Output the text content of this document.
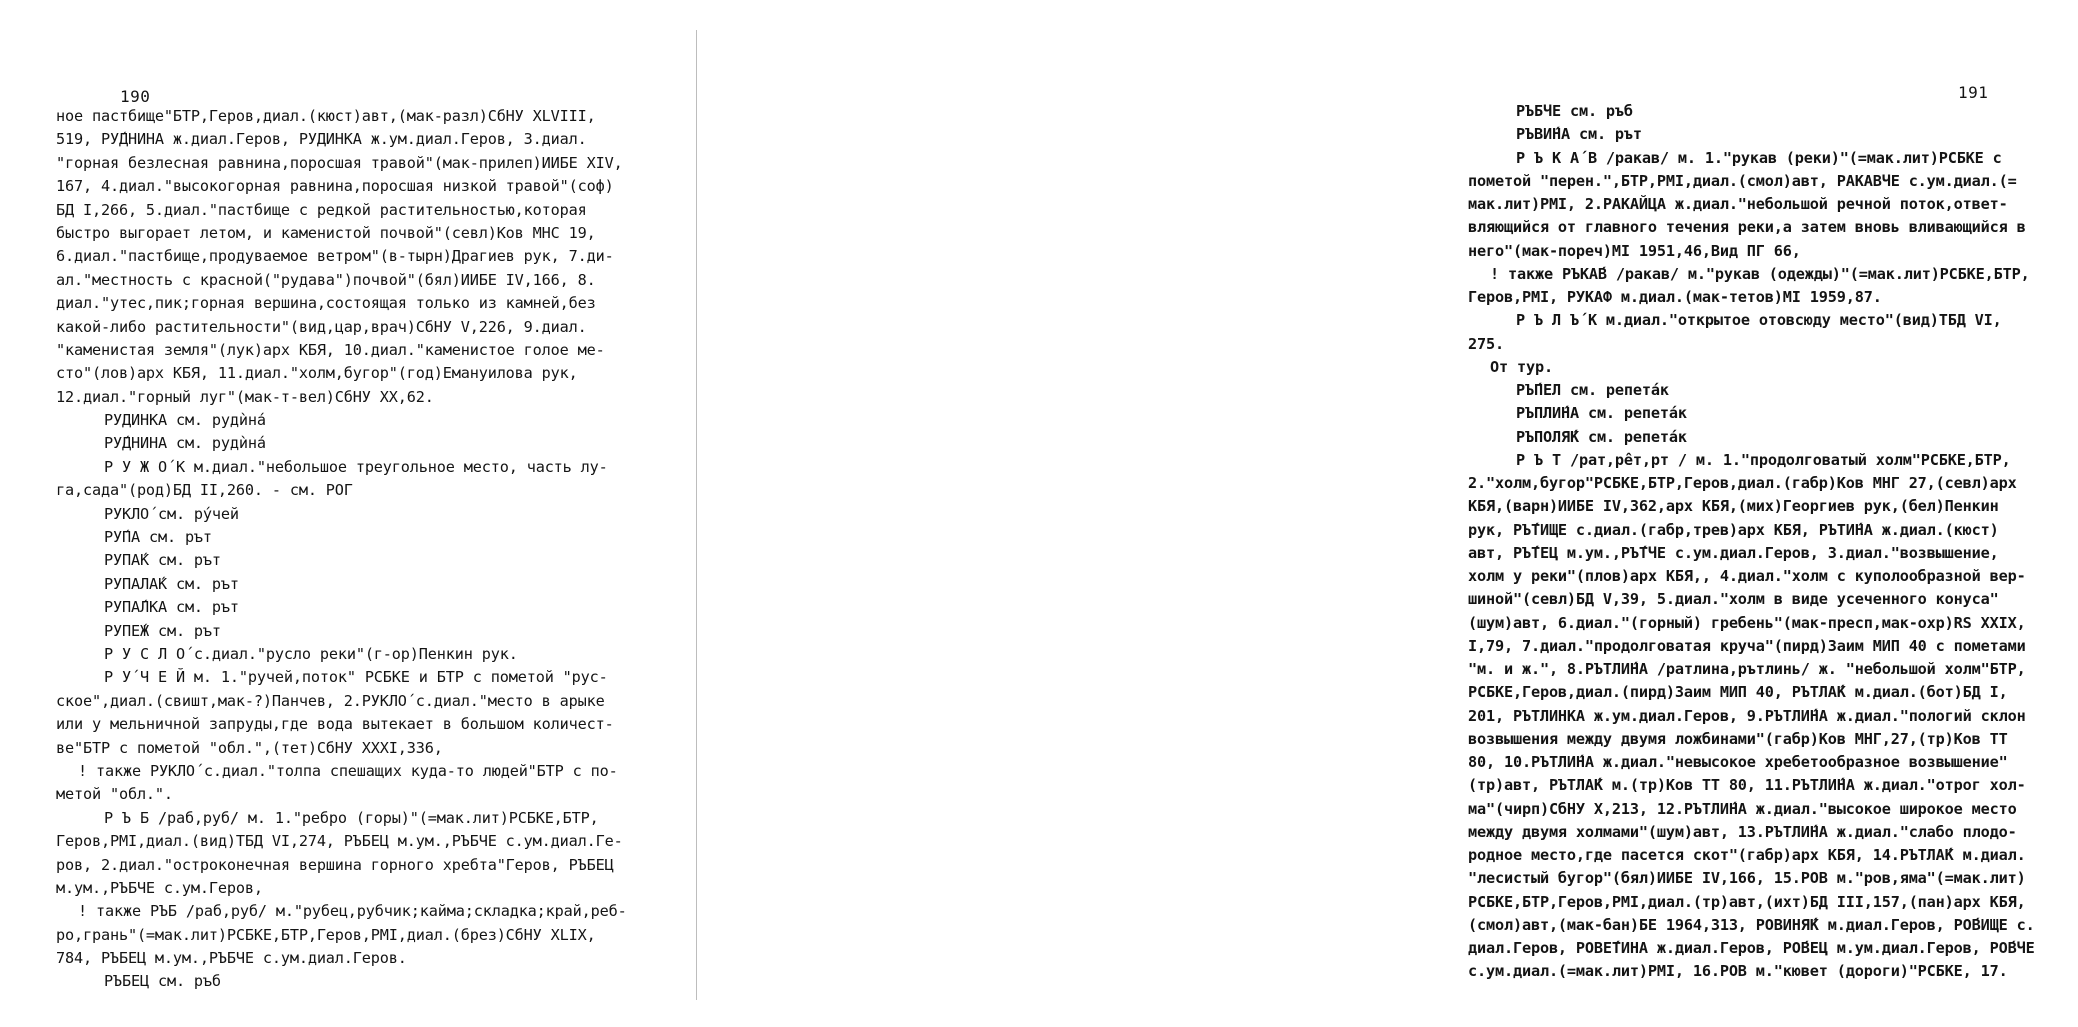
190
ное пастбище"БТР,Геров,диал.(кюст)авт,(мак-разл)СбНУ XLVIII,
519, РУ́ДНИНА ж.диал.Геров, РУДИНКА ж.ум.диал.Геров, 3.диал.
"горная безлесная равнина,поросшая травой"(мак-прилеп)ИИБЕ XIV,
167, 4.диал."высокогорная равнина,поросшая низкой травой"(соф)
БД I,266, 5.диал."пастбище с редкой растительностью,которая
быстро выгорает летом, и каменистой почвой"(севл)Ков МНС 19,
6.диал."пастбище,продуваемое ветром"(в-тырн)Драгиев рук, 7.ди-
ал."местность с красной("рудава")почвой"(бял)ИИБЕ IV,166, 8.
диал."утес,пик;горная вершина,состоящая только из камней,без
какой-либо растительности"(вид,цар,врач)СбНУ V,226, 9.диал.
"каменистая земля"(лук)арх КБЯ, 10.диал."каменистое голое ме-
сто"(лов)арх КБЯ, 11.диал."холм,бугор"(год)Емануилова рук,
12.диал."горный луг"(мак-т-вел)СбНУ XX,62.
РУДИНКА см. рудѝна́
РУ́ДНИНА см. рудѝна́
Р У Ж О́ К м.диал."небольшое треугольное место, часть лу-
га,сада"(род)БД II,260. - см. РОГ
РУКЛО́ см. ру́чей
РУ́ПА см. рът
РУПА́К см. рът
РУПАЛА́К см. рът
РУПА́ЛКА см. рът
РУПЕ́Ж см. рът
Р У С Л О́ с.диал."русло реки"(г-ор)Пенкин рук.
Р У́ Ч Е Й м. 1."ручей,поток" РСБКЕ и БТР с пометой "рус-
ское",диал.(свишт,мак-?)Панчев, 2.РУКЛО́ с.диал."место в арыке
или у мельничной запруды,где вода вытекает в большом количест-
ве"БТР с пометой "обл.",(тет)СбНУ XXXI,336,
! также РУКЛО́ с.диал."толпа спешащих куда-то людей"БТР с по-
метой "обл.".
Р Ъ Б /раб,руб/ м. 1."ребро (горы)"(=мак.лит)РСБКЕ,БТР,
Геров,РМI,диал.(вид)ТБД VI,274, РЪБЕЦ м.ум.,РЪБЧЕ с.ум.диал.Ге-
ров, 2.диал."остроконечная вершина горного хребта"Геров, РЪБЕЦ
м.ум.,РЪБЧЕ с.ум.Геров,
! также РЪБ /раб,руб/ м."рубец,рубчик;кайма;складка;край,реб-
ро,грань"(=мак.лит)РСБКЕ,БТР,Геров,РМI,диал.(брез)СбНУ XLIX,
784, РЪБЕЦ м.ум.,РЪБЧЕ с.ум.диал.Геров.
РЪБЕЦ см. ръб
191
РЪБЧЕ см. ръб
РЪВИ́НА см. рът
Р Ъ К А́ В /ракав/ м. 1."рукав (реки)"(=мак.лит)РСБКЕ с
пометой "перен.",БТР,РМI,диал.(смол)авт, РАКАВЧЕ с.ум.диал.(=
мак.лит)РМI, 2.РАКАЙЦА ж.диал."небольшой речной поток,ответ-
вляющийся от главного течения реки,а затем вновь вливающийся в
него"(мак-пореч)МI 1951,46,Вид ПГ 66,
! также РЪКА́В /ракав/ м."рукав (одежды)"(=мак.лит)РСБКЕ,БТР,
Геров,РМI, РУКАФ м.диал.(мак-тетов)МI 1959,87.
Р Ъ Л Ъ́ К м.диал."открытое отовсюду место"(вид)ТБД VI,
275.
От тур.
РЪ́ПЕЛ см. репета́к
РЪПЛИ́НА см. репета́к
РЪПОЛЯ́К см. репета́к
Р Ъ Т /рат,рêт,рт / м. 1."продолговатый холм"РСБКЕ,БТР,
2."холм,бугор"РСБКЕ,БТР,Геров,диал.(габр)Ков МНГ 27,(севл)арх
КБЯ,(варн)ИИБЕ IV,362,арх КБЯ,(мих)Георгиев рук,(бел)Пенкин
рук, РЪ́ТИЩЕ с.диал.(габр,трев)арх КБЯ, РЪТИ́НА ж.диал.(кюст)
авт, РЪ́ТЕЦ м.ум.,РЪ́ТЧЕ с.ум.диал.Геров, 3.диал."возвышение,
холм у реки"(плов)арх КБЯ,, 4.диал."холм с куполообразной вер-
шиной"(севл)БД V,39, 5.диал."холм в виде усеченного конуса"
(шум)авт, 6.диал."(горный) гребень"(мак-пресп,мак-охр)RS XXIX,
I,79, 7.диал."продолговатая круча"(пирд)Заим МИП 40 с пометами
"м. и ж.", 8.РЪТЛИ́НА /ратлина,рътлинь/ ж. "небольшой холм"БТР,
РСБКЕ,Геров,диал.(пирд)Заим МИП 40, РЪТЛА́К м.диал.(бот)БД I,
201, РЪТЛИНКА ж.ум.диал.Геров, 9.РЪТЛИ́НА ж.диал."пологий склон
возвышения между двумя ложбинами"(габр)Ков МНГ,27,(тр)Ков ТТ
80, 10.РЪТЛИ́НА ж.диал."невысокое хребетообразное возвышение"
(тр)авт, РЪТЛА́К м.(тр)Ков ТТ 80, 11.РЪТЛИ́НА ж.диал."отрог хол-
ма"(чирп)СбНУ X,213, 12.РЪТЛИ́НА ж.диал."высокое широкое место
между двумя холмами"(шум)авт, 13.РЪТЛИ́НА ж.диал."слабо плодо-
родное место,где пасется скот"(габр)арх КБЯ, 14.РЪТЛА́К м.диал.
"лесистый бугор"(бял)ИИБЕ IV,166, 15.РОВ м."ров,яма"(=мак.лит)
РСБКЕ,БТР,Геров,РМI,диал.(тр)авт,(ихт)БД III,157,(пан)арх КБЯ,
(смол)авт,(мак-бан)БЕ 1964,313, РОВИНЯ́К м.диал.Геров, РО́ВИЩЕ с.
диал.Геров, РОВЕ́ТИНА ж.диал.Геров, РО́ВЕЦ м.ум.диал.Геров, РО́ВЧЕ
с.ум.диал.(=мак.лит)РМI, 16.РОВ м."кювет (дороги)"РСБКЕ, 17.
